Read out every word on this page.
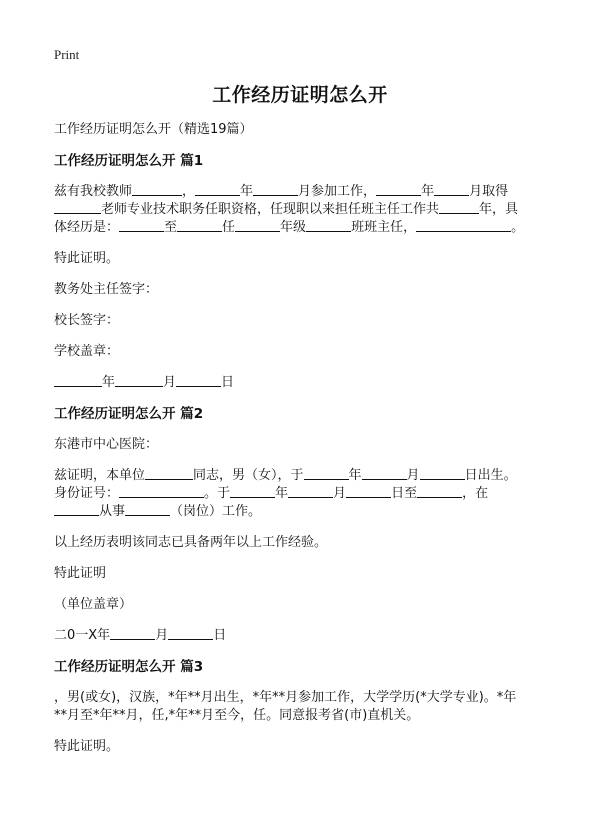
Print
工作经历证明怎么开
工作经历证明怎么开（精选19篇）
工作经历证明怎么开 篇1
兹有我校教师	，	年	月参加工作，	年	月取得
老师专业技术职务任职资格，任现职以来担任班主任工作共	年，具
体经历是：	至	任	年级	班班主任，	。
特此证明。
教务处主任签字：
校长签字：
学校盖章：
年	月	日
工作经历证明怎么开 篇2
东港市中心医院：
兹证明，本单位	同志，男（女），于	年	月	日出生。
身份证号：	。于	年	月	日至	，在
从事	（岗位）工作。
以上经历表明该同志已具备两年以上工作经验。
特此证明
（单位盖章）
二0一X年	月	日
工作经历证明怎么开 篇3
，男(或女)，汉族，*年**月出生，*年**月参加工作，大学学历(*大学专业)。*年
**月至*年**月，任,*年**月至今，任。同意报考省(市)直机关。
特此证明。
